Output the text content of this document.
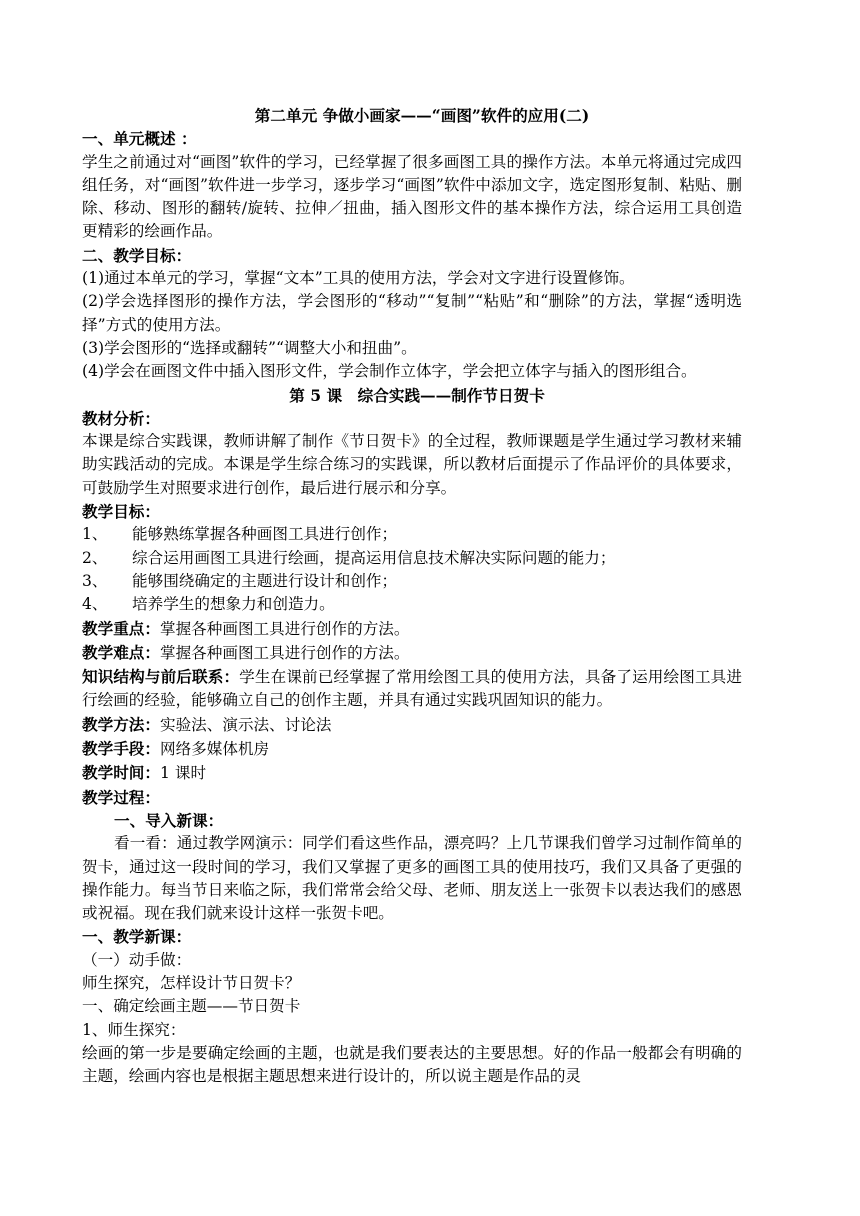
第二单元 争做小画家——“画图”软件的应用(二)
一、单元概述 ：
学生之前通过对“画图”软件的学习，已经掌握了很多画图工具的操作方法。本单元将通过完成四组任务，对“画图”软件进一步学习，逐步学习“画图”软件中添加文字，选定图形复制、粘贴、删除、移动、图形的翻转/旋转、拉伸／扭曲，插入图形文件的基本操作方法，综合运用工具创造更精彩的绘画作品。
二、教学目标：
(1)通过本单元的学习，掌握“文本”工具的使用方法，学会对文字进行设置修饰。
(2)学会选择图形的操作方法，学会图形的“移动”“复制”“粘贴”和“删除”的方法，掌握“透明选择”方式的使用方法。
(3)学会图形的“选择或翻转”“调整大小和扭曲”。
(4)学会在画图文件中插入图形文件，学会制作立体字，学会把立体字与插入的图形组合。
第 5 课　综合实践——制作节日贺卡
教材分析：
本课是综合实践课，教师讲解了制作《节日贺卡》的全过程，教师课题是学生通过学习教材来辅助实践活动的完成。本课是学生综合练习的实践课，所以教材后面提示了作品评价的具体要求，可鼓励学生对照要求进行创作，最后进行展示和分享。
教学目标：
1、 能够熟练掌握各种画图工具进行创作；
2、 综合运用画图工具进行绘画，提高运用信息技术解决实际问题的能力；
3、 能够围绕确定的主题进行设计和创作；
4、 培养学生的想象力和创造力。
教学重点：掌握各种画图工具进行创作的方法。
教学难点：掌握各种画图工具进行创作的方法。
知识结构与前后联系：学生在课前已经掌握了常用绘图工具的使用方法，具备了运用绘图工具进行绘画的经验，能够确立自己的创作主题，并具有通过实践巩固知识的能力。
教学方法：实验法、演示法、讨论法
教学手段：网络多媒体机房
教学时间：1 课时
教学过程：
一、导入新课：
看一看：通过教学网演示：同学们看这些作品，漂亮吗？上几节课我们曾学习过制作简单的贺卡，通过这一段时间的学习，我们又掌握了更多的画图工具的使用技巧，我们又具备了更强的操作能力。每当节日来临之际，我们常常会给父母、老师、朋友送上一张贺卡以表达我们的感恩或祝福。现在我们就来设计这样一张贺卡吧。
一、教学新课：
（一）动手做：
师生探究，怎样设计节日贺卡？
一、确定绘画主题——节日贺卡
1、师生探究：
绘画的第一步是要确定绘画的主题，也就是我们要表达的主要思想。好的作品一般都会有明确的主题，绘画内容也是根据主题思想来进行设计的，所以说主题是作品的灵
